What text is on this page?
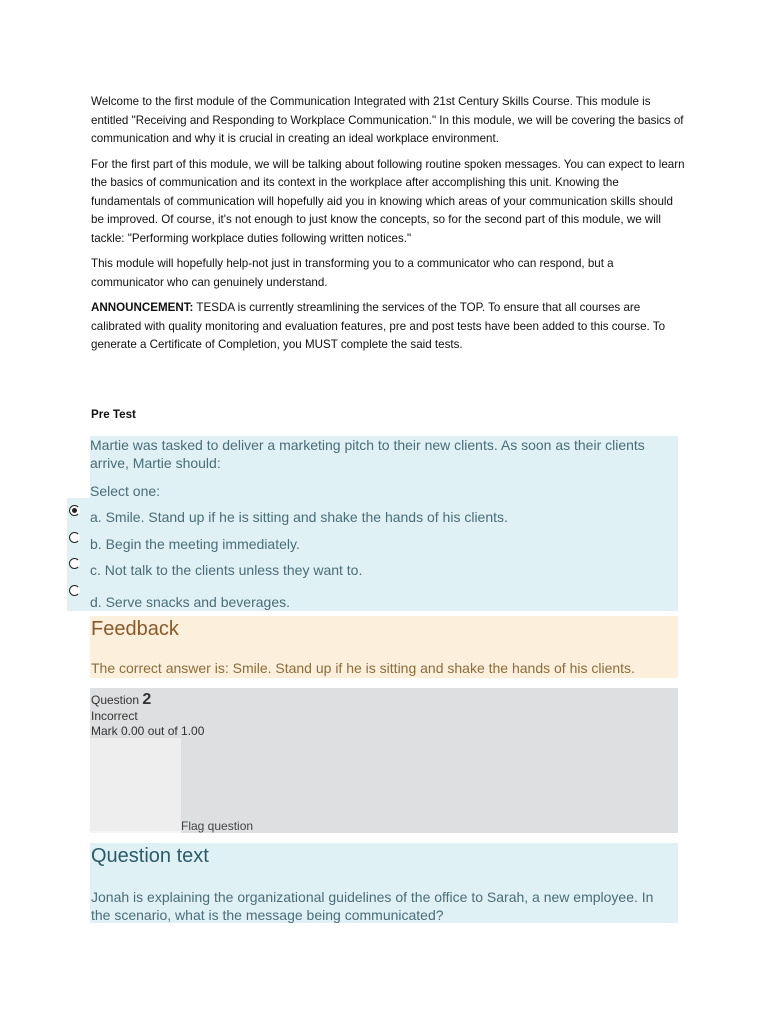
Welcome to the first module of the Communication Integrated with 21st Century Skills Course. This module is entitled "Receiving and Responding to Workplace Communication." In this module, we will be covering the basics of communication and why it is crucial in creating an ideal workplace environment.

For the first part of this module, we will be talking about following routine spoken messages. You can expect to learn the basics of communication and its context in the workplace after accomplishing this unit. Knowing the fundamentals of communication will hopefully aid you in knowing which areas of your communication skills should be improved. Of course, it's not enough to just know the concepts, so for the second part of this module, we will tackle: "Performing workplace duties following written notices."

This module will hopefully help-not just in transforming you to a communicator who can respond, but a communicator who can genuinely understand.

ANNOUNCEMENT: TESDA is currently streamlining the services of the TOP. To ensure that all courses are calibrated with quality monitoring and evaluation features, pre and post tests have been added to this course. To generate a Certificate of Completion, you MUST complete the said tests.

Pre Test
Martie was tasked to deliver a marketing pitch to their new clients. As soon as their clients arrive, Martie should:
Select one:
a. Smile. Stand up if he is sitting and shake the hands of his clients.
b. Begin the meeting immediately.
c. Not talk to the clients unless they want to.
d. Serve snacks and beverages.
Feedback
The correct answer is: Smile. Stand up if he is sitting and shake the hands of his clients.
Question 2
Incorrect
Mark 0.00 out of 1.00
Flag question
Question text
Jonah is explaining the organizational guidelines of the office to Sarah, a new employee. In the scenario, what is the message being communicated?
